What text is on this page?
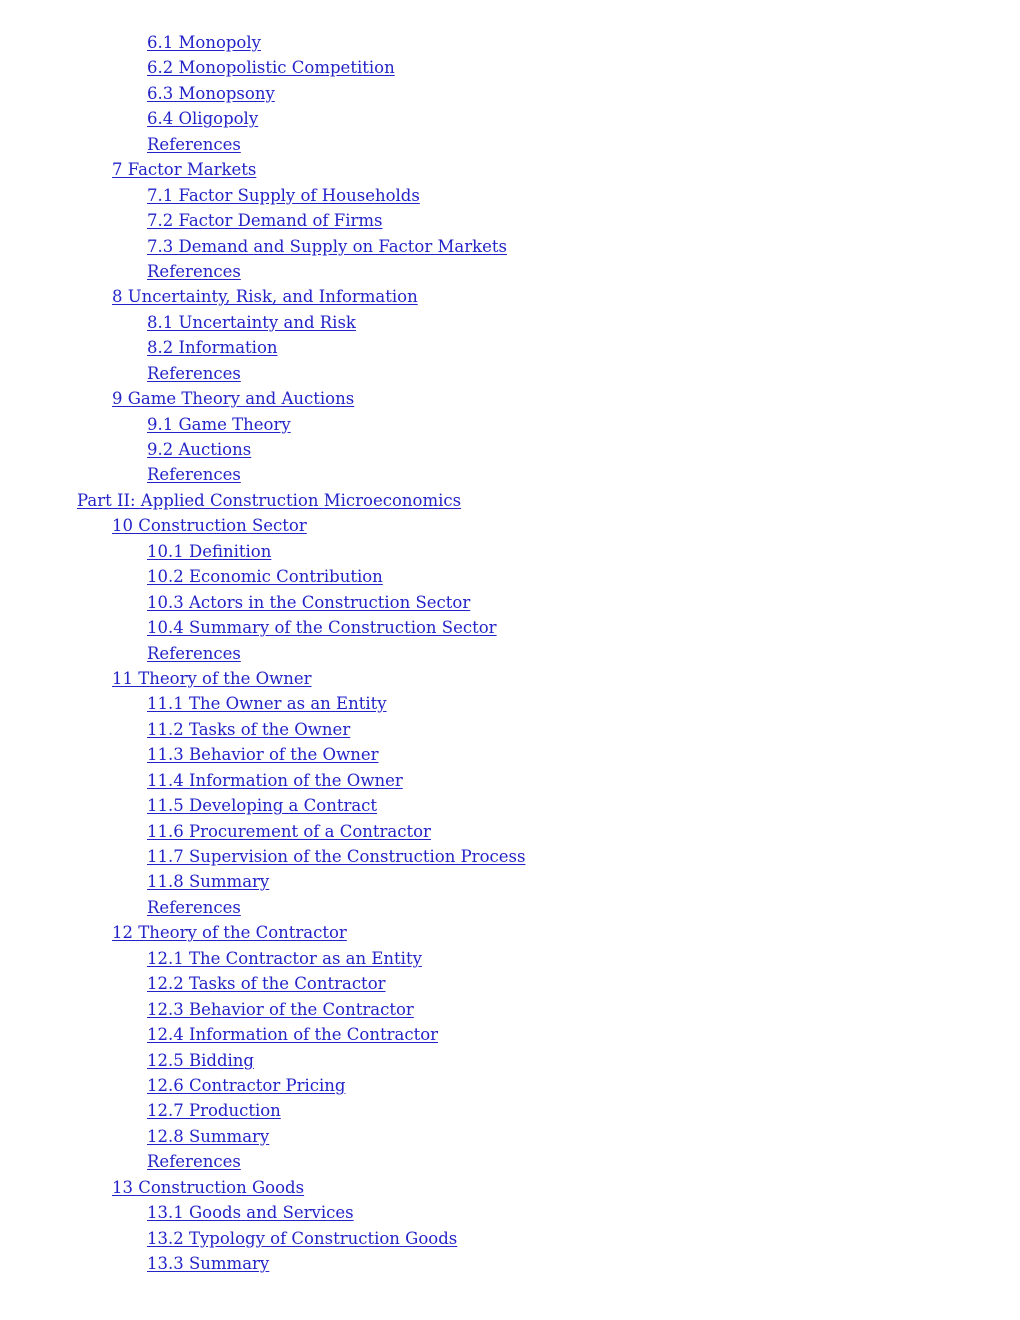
6.1 Monopoly
6.2 Monopolistic Competition
6.3 Monopsony
6.4 Oligopoly
References
7 Factor Markets
7.1 Factor Supply of Households
7.2 Factor Demand of Firms
7.3 Demand and Supply on Factor Markets
References
8 Uncertainty, Risk, and Information
8.1 Uncertainty and Risk
8.2 Information
References
9 Game Theory and Auctions
9.1 Game Theory
9.2 Auctions
References
Part II: Applied Construction Microeconomics
10 Construction Sector
10.1 Definition
10.2 Economic Contribution
10.3 Actors in the Construction Sector
10.4 Summary of the Construction Sector
References
11 Theory of the Owner
11.1 The Owner as an Entity
11.2 Tasks of the Owner
11.3 Behavior of the Owner
11.4 Information of the Owner
11.5 Developing a Contract
11.6 Procurement of a Contractor
11.7 Supervision of the Construction Process
11.8 Summary
References
12 Theory of the Contractor
12.1 The Contractor as an Entity
12.2 Tasks of the Contractor
12.3 Behavior of the Contractor
12.4 Information of the Contractor
12.5 Bidding
12.6 Contractor Pricing
12.7 Production
12.8 Summary
References
13 Construction Goods
13.1 Goods and Services
13.2 Typology of Construction Goods
13.3 Summary
